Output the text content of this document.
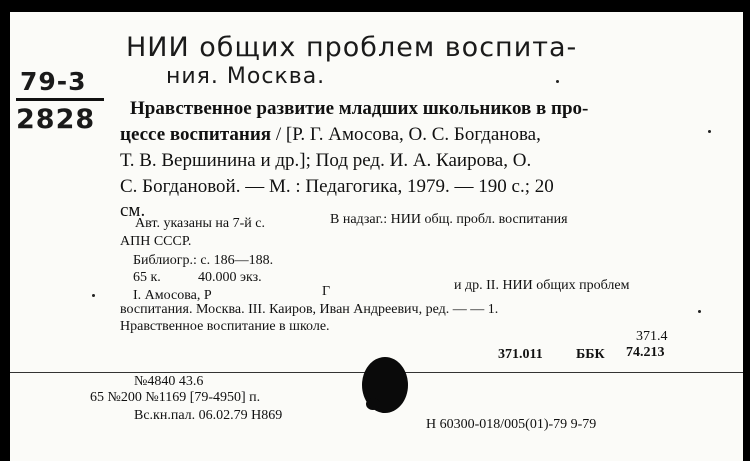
НИИ общих проблем воспита-
ния. Москва.
79-3
2828 Нравственное развитие младших школьников в про-
цессе воспитания / [Р. Г. Амосова, О. С. Богданова,
Т. В. Вершинина и др.]; Под ред. И. А. Каирова, О.
С. Богдановой. — М. : Педагогика, 1979. — 190 с.; 20
см.
Авт. указаны на 7-й с.	В надзаг.: НИИ общ. пробл. воспитания
АПН СССР.
Библиогр.: с. 186—188.
65 к.	40.000 экз.
I. Амосова, Р	Г	и др. II. НИИ общих проблем
воспитания. Москва. III. Каиров, Иван Андреевич, ред. — — 1.
Нравственное воспитание в школе.
371.4
371.011 ББК 74.213
№4840 43.6
65 №200 №1169 [79-4950] п.
Вс.кн.пал. 06.02.79 Н869
Н 60300-018/005(01)-79 9-79
